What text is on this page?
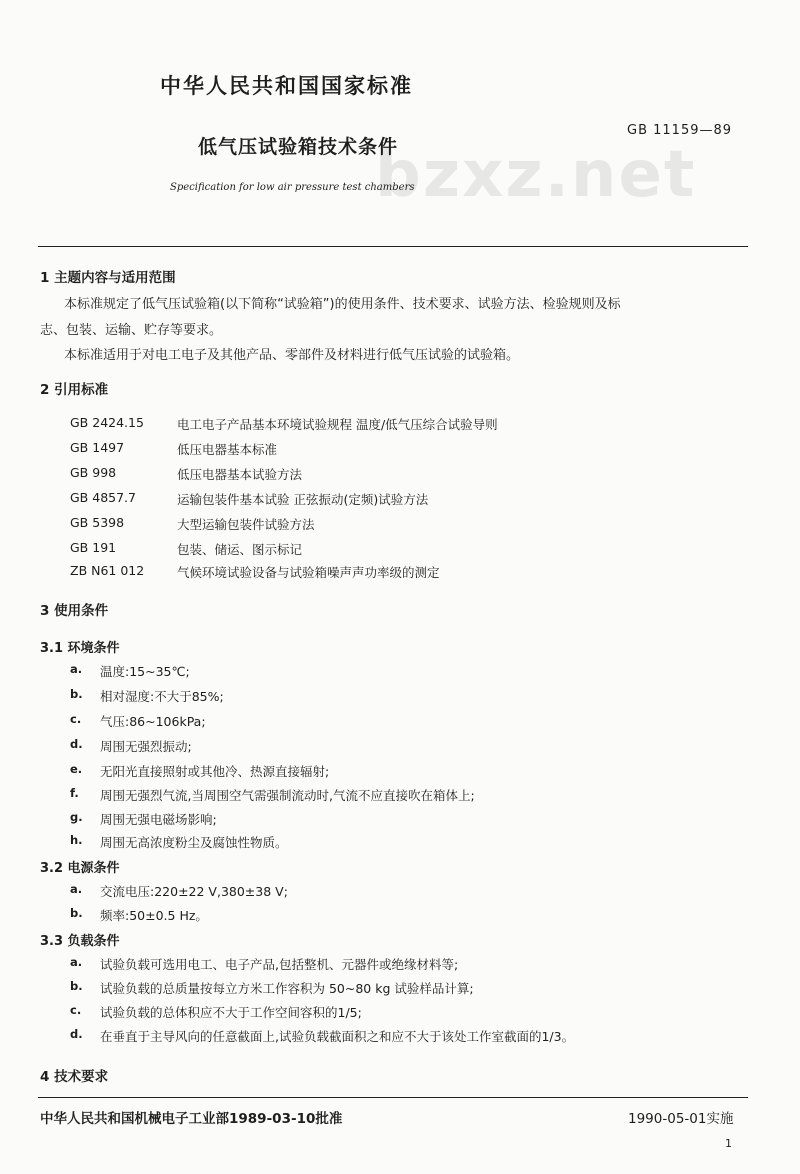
bzxz.net
中华人民共和国国家标准
GB 11159—89
低气压试验箱技术条件
Specification for low air pressure test chambers
1 主题内容与适用范围
本标准规定了低气压试验箱(以下简称“试验箱”)的使用条件、技术要求、试验方法、检验规则及标
志、包装、运输、贮存等要求。
本标准适用于对电工电子及其他产品、零部件及材料进行低气压试验的试验箱。
2 引用标准
GB 2424.15	电工电子产品基本环境试验规程 温度/低气压综合试验导则
GB 1497	低压电器基本标准
GB 998	低压电器基本试验方法
GB 4857.7	运输包装件基本试验 正弦振动(定频)试验方法
GB 5398	大型运输包装件试验方法
GB 191	包装、储运、图示标记
ZB N61 012	气候环境试验设备与试验箱噪声声功率级的测定
3 使用条件
3.1 环境条件
a. 温度:15~35℃;
b. 相对湿度:不大于85%;
c. 气压:86~106kPa;
d. 周围无强烈振动;
e. 无阳光直接照射或其他冷、热源直接辐射;
f. 周围无强烈气流,当周围空气需强制流动时,气流不应直接吹在箱体上;
g. 周围无强电磁场影响;
h. 周围无高浓度粉尘及腐蚀性物质。
3.2 电源条件
a. 交流电压:220±22 V,380±38 V;
b. 频率:50±0.5 Hz。
3.3 负载条件
a. 试验负载可选用电工、电子产品,包括整机、元器件或绝缘材料等;
b. 试验负载的总质量按每立方米工作容积为 50~80 kg 试验样品计算;
c. 试验负载的总体积应不大于工作空间容积的1/5;
d. 在垂直于主导风向的任意截面上,试验负载截面积之和应不大于该处工作室截面的1/3。
4 技术要求
中华人民共和国机械电子工业部1989-03-10批准	1990-05-01实施
1
